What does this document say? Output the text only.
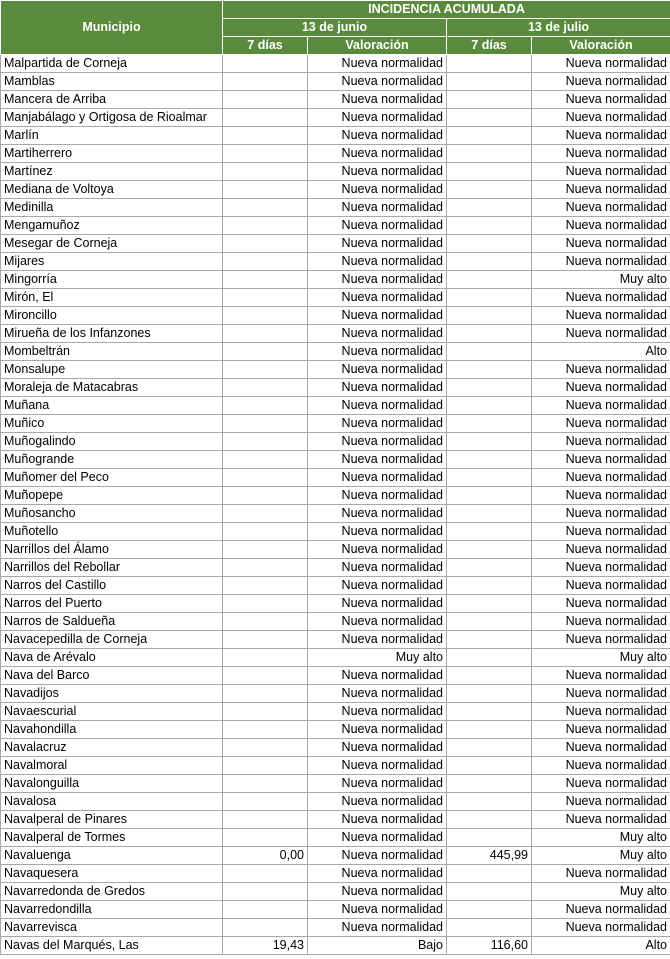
Municipio	INCIDENCIA ACUMULADA			
	13 de junio		13 de julio	
	7 días	Valoración	7 días	Valoración
Malpartida de Corneja		Nueva normalidad		Nueva normalidad
Mamblas		Nueva normalidad		Nueva normalidad
Mancera de Arriba		Nueva normalidad		Nueva normalidad
Manjabálago y Ortigosa de Rioalmar		Nueva normalidad		Nueva normalidad
Marlín		Nueva normalidad		Nueva normalidad
Martiherrero		Nueva normalidad		Nueva normalidad
Martínez		Nueva normalidad		Nueva normalidad
Mediana de Voltoya		Nueva normalidad		Nueva normalidad
Medinilla		Nueva normalidad		Nueva normalidad
Mengamuñoz		Nueva normalidad		Nueva normalidad
Mesegar de Corneja		Nueva normalidad		Nueva normalidad
Mijares		Nueva normalidad		Nueva normalidad
Mingorría		Nueva normalidad		Muy alto
Mirón, El		Nueva normalidad		Nueva normalidad
Mironcillo		Nueva normalidad		Nueva normalidad
Mirueña de los Infanzones		Nueva normalidad		Nueva normalidad
Mombeltrán		Nueva normalidad		Alto
Monsalupe		Nueva normalidad		Nueva normalidad
Moraleja de Matacabras		Nueva normalidad		Nueva normalidad
Muñana		Nueva normalidad		Nueva normalidad
Muñico		Nueva normalidad		Nueva normalidad
Muñogalindo		Nueva normalidad		Nueva normalidad
Muñogrande		Nueva normalidad		Nueva normalidad
Muñomer del Peco		Nueva normalidad		Nueva normalidad
Muñopepe		Nueva normalidad		Nueva normalidad
Muñosancho		Nueva normalidad		Nueva normalidad
Muñotello		Nueva normalidad		Nueva normalidad
Narrillos del Álamo		Nueva normalidad		Nueva normalidad
Narrillos del Rebollar		Nueva normalidad		Nueva normalidad
Narros del Castillo		Nueva normalidad		Nueva normalidad
Narros del Puerto		Nueva normalidad		Nueva normalidad
Narros de Saldueña		Nueva normalidad		Nueva normalidad
Navacepedilla de Corneja		Nueva normalidad		Nueva normalidad
Nava de Arévalo		Muy alto		Muy alto
Nava del Barco		Nueva normalidad		Nueva normalidad
Navadijos		Nueva normalidad		Nueva normalidad
Navaescurial		Nueva normalidad		Nueva normalidad
Navahondilla		Nueva normalidad		Nueva normalidad
Navalacruz		Nueva normalidad		Nueva normalidad
Navalmoral		Nueva normalidad		Nueva normalidad
Navalonguilla		Nueva normalidad		Nueva normalidad
Navalosa		Nueva normalidad		Nueva normalidad
Navalperal de Pinares		Nueva normalidad		Nueva normalidad
Navalperal de Tormes		Nueva normalidad		Muy alto
Navaluenga	0,00	Nueva normalidad	445,99	Muy alto
Navaquesera		Nueva normalidad		Nueva normalidad
Navarredonda de Gredos		Nueva normalidad		Muy alto
Navarredondilla		Nueva normalidad		Nueva normalidad
Navarrevisca		Nueva normalidad		Nueva normalidad
Navas del Marqués, Las	19,43	Bajo	116,60	Alto
